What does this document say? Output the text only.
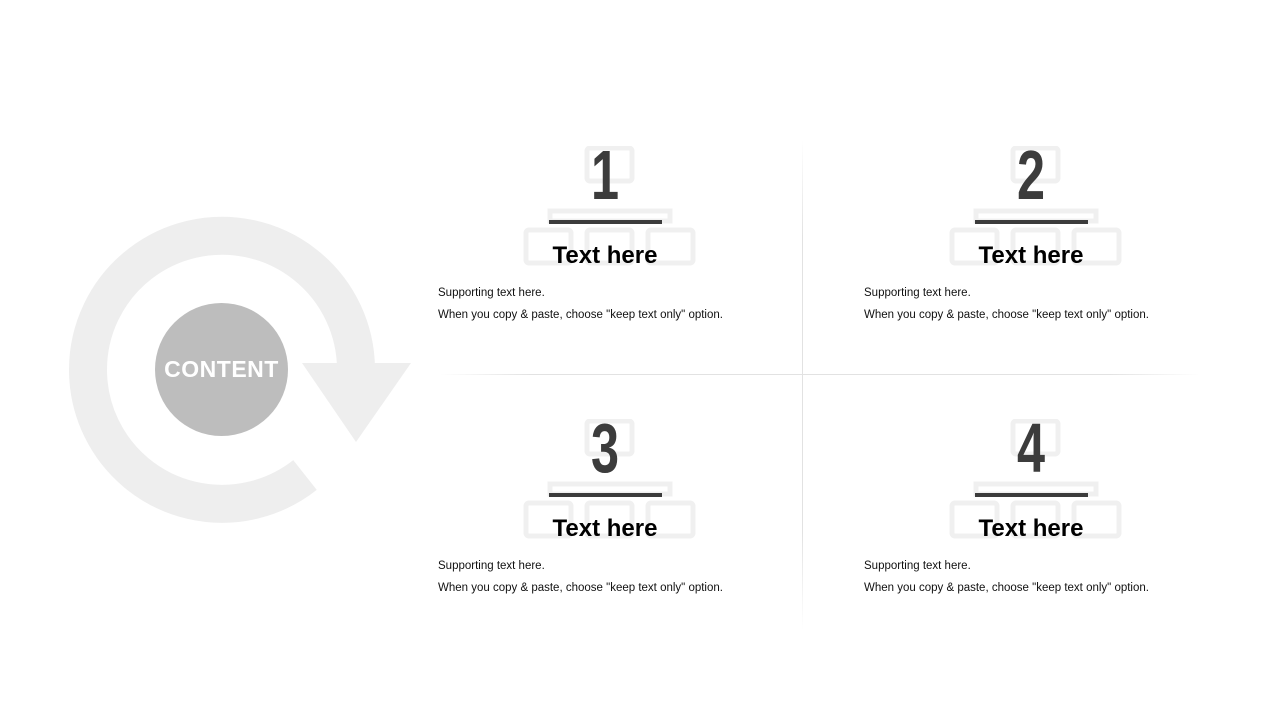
CONTENT
1
Text here
Supporting text here.
When you copy & paste, choose "keep text only" option.
2
Text here
Supporting text here.
When you copy & paste, choose "keep text only" option.
3
Text here
Supporting text here.
When you copy & paste, choose "keep text only" option.
4
Text here
Supporting text here.
When you copy & paste, choose "keep text only" option.
